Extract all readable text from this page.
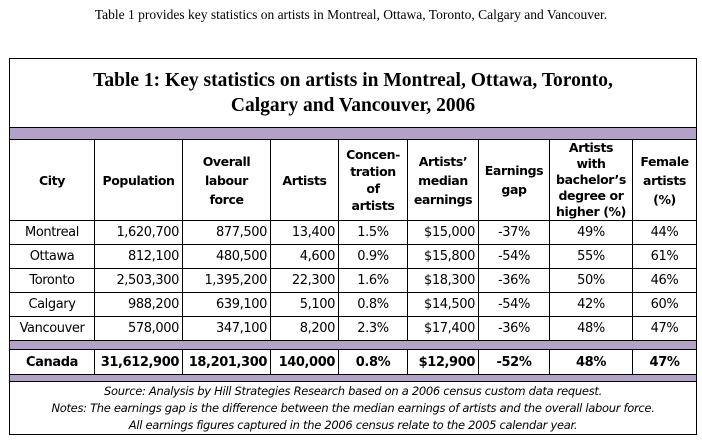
Table 1 provides key statistics on artists in Montreal, Ottawa, Toronto, Calgary and Vancouver.
Table 1: Key statistics on artists in Montreal, Ottawa, Toronto,
Calgary and Vancouver, 2006								

City	Population	Overall
labour
force	Artists	Concen-
tration
of
artists	Artists’
median
earnings	Earnings
gap	Artists
with
bachelor’s
degree or
higher (%)	Female
artists
(%)
Montreal	1,620,700	877,500	13,400	1.5%	$15,000	-37%	49%	44%
Ottawa	812,100	480,500	4,600	0.9%	$15,800	-54%	55%	61%
Toronto	2,503,300	1,395,200	22,300	1.6%	$18,300	-36%	50%	46%
Calgary	988,200	639,100	5,100	0.8%	$14,500	-54%	42%	60%
Vancouver	578,000	347,100	8,200	2.3%	$17,400	-36%	48%	47%

Canada	31,612,900	18,201,300	140,000	0.8%	$12,900	-52%	48%	47%

Source: Analysis by Hill Strategies Research based on a 2006 census custom data request.
Notes: The earnings gap is the difference between the median earnings of artists and the overall labour force.
All earnings figures captured in the 2006 census relate to the 2005 calendar year.								
